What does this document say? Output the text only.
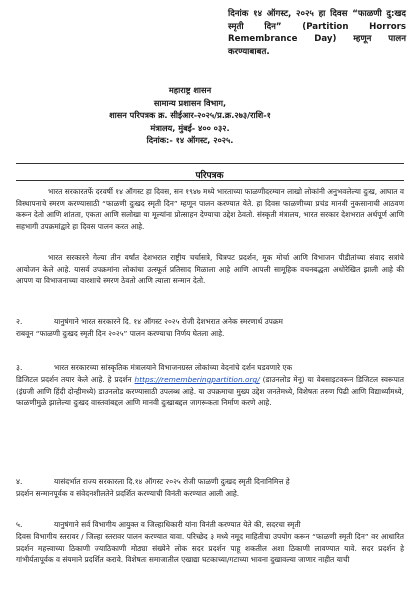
दिनांक १४ ऑगस्ट, २०२५ हा दिवस “फाळणी दु:खद स्मृती दिन” (Partition Horrors Remembrance Day) म्हणून पालन करण्याबाबत.
महाराष्ट्र शासन
सामान्य प्रशासन विभाग,
शासन परिपत्रक क्र. सीईआर-२०२५/प्र.क्र.२७३/राशि-१
मंत्रालय, मुंबई- ४०० ०३२.
दिनांक:- १४ ऑगस्ट, २०२५.
परिपत्रक
भारत सरकारतर्फे दरवर्षी १४ ऑगस्ट हा दिवस, सन १९४७ मध्ये भारताच्या फाळणीदरम्यान लाखो लोकांनी अनुभवलेल्या दुःख, आघात व विस्थापनाचे स्मरण करण्यासाठी “फाळणी दुःखद स्मृती दिन” म्हणून पालन करण्यात येते. हा दिवस फाळणीच्या प्रचंड मानवी नुकसानाची आठवण करून देतो आणि शांतता, एकता आणि सलोखा या मूल्यांना प्रोत्साहन देण्याचा उद्देश ठेवतो. संस्कृती मंत्रालय, भारत सरकार देशभरात अर्थपूर्ण आणि सहभागी उपक्रमांद्वारे हा दिवस पालन करत आहे.
भारत सरकारने गेल्या तीन वर्षांत देशभरात राष्ट्रीय चर्चासत्रे, चित्रपट प्रदर्शन, मूक मोर्चा आणि विभाजन पीडीतांच्या संवाद सत्रांचे आयोजन केले आहे. यासर्व उपक्रमांना लोकांचा उत्स्फूर्त प्रतिसाद मिळाला आहे आणि आपली सामूहिक वचनबद्धता अधोरेखित झाली आहे की आपण या विभाजनाच्या वारशाचे स्मरण ठेवतो आणि त्याला सन्मान देतो.
२.	यानुषंगाने भारत सरकारने दि. १४ ऑगस्ट २०२५ रोजी देशभरात अनेक स्मरणार्थ उपक्रम
राबवून “फाळणी दुःखद स्मृती दिन २०२५” पालन करण्याचा निर्णय घेतला आहे.
३.	भारत सरकारच्या सांस्कृतिक मंत्रालयाने विभाजनग्रस्त लोकांच्या वेदनांचे दर्शन घडवणारे एक
डिजिटल प्रदर्शन तयार केले आहे. हे प्रदर्शन https://rememberingpartition.org/ (डाउनलोड मेनू) या वेबसाइटवरून डिजिटल स्वरूपात (इंग्रजी आणि हिंदी दोन्हीमध्ये) डाउनलोड करण्यासाठी उपलब्ध आहे. या उपक्रमाचा मुख्य उद्देश जनतेमध्ये, विशेषतः तरुण पिढी आणि विद्यार्थ्यांमध्ये, फाळणीमुळे झालेल्या दुःखद वास्तवांबद्दल आणि मानवी दुःखाबद्दल जागरूकता निर्माण करणे आहे.
४.	यासंदर्भात राज्य सरकारला दि.१४ ऑगस्ट २०२५ रोजी फाळणी दुःखद स्मृती दिनानिमित्त हे
प्रदर्शन सन्मानपूर्वक व संवेदनशीलतेने प्रदर्शित करण्याची विनंती करण्यात आली आहे.
५.	यानुषंगाने सर्व विभागीय आयुक्त व जिल्हाधिकारी यांना विनंती करण्यात येते की, सदरचा स्मृती
दिवस विभागीय स्तरावर / जिल्हा स्तरावर पालन करण्यात यावा. परिच्छेद ३ मध्ये नमूद माहितीचा उपयोग करून “फाळणी स्मृती दिन” वर आधारित प्रदर्शन महत्त्वाच्या ठिकाणी ज्याठिकाणी मोठ्या संख्येने लोक सदर प्रदर्शन पाहू शकतील अशा ठिकाणी लावण्यात यावे. सदर प्रदर्शन हे गांभीर्यतापूर्वक व संयमाने प्रदर्शित करावे. विशेषतः समाजातील एखाद्या घटकाच्या/गटाच्या भावना दुखावल्या जाणार नाहीत याची
